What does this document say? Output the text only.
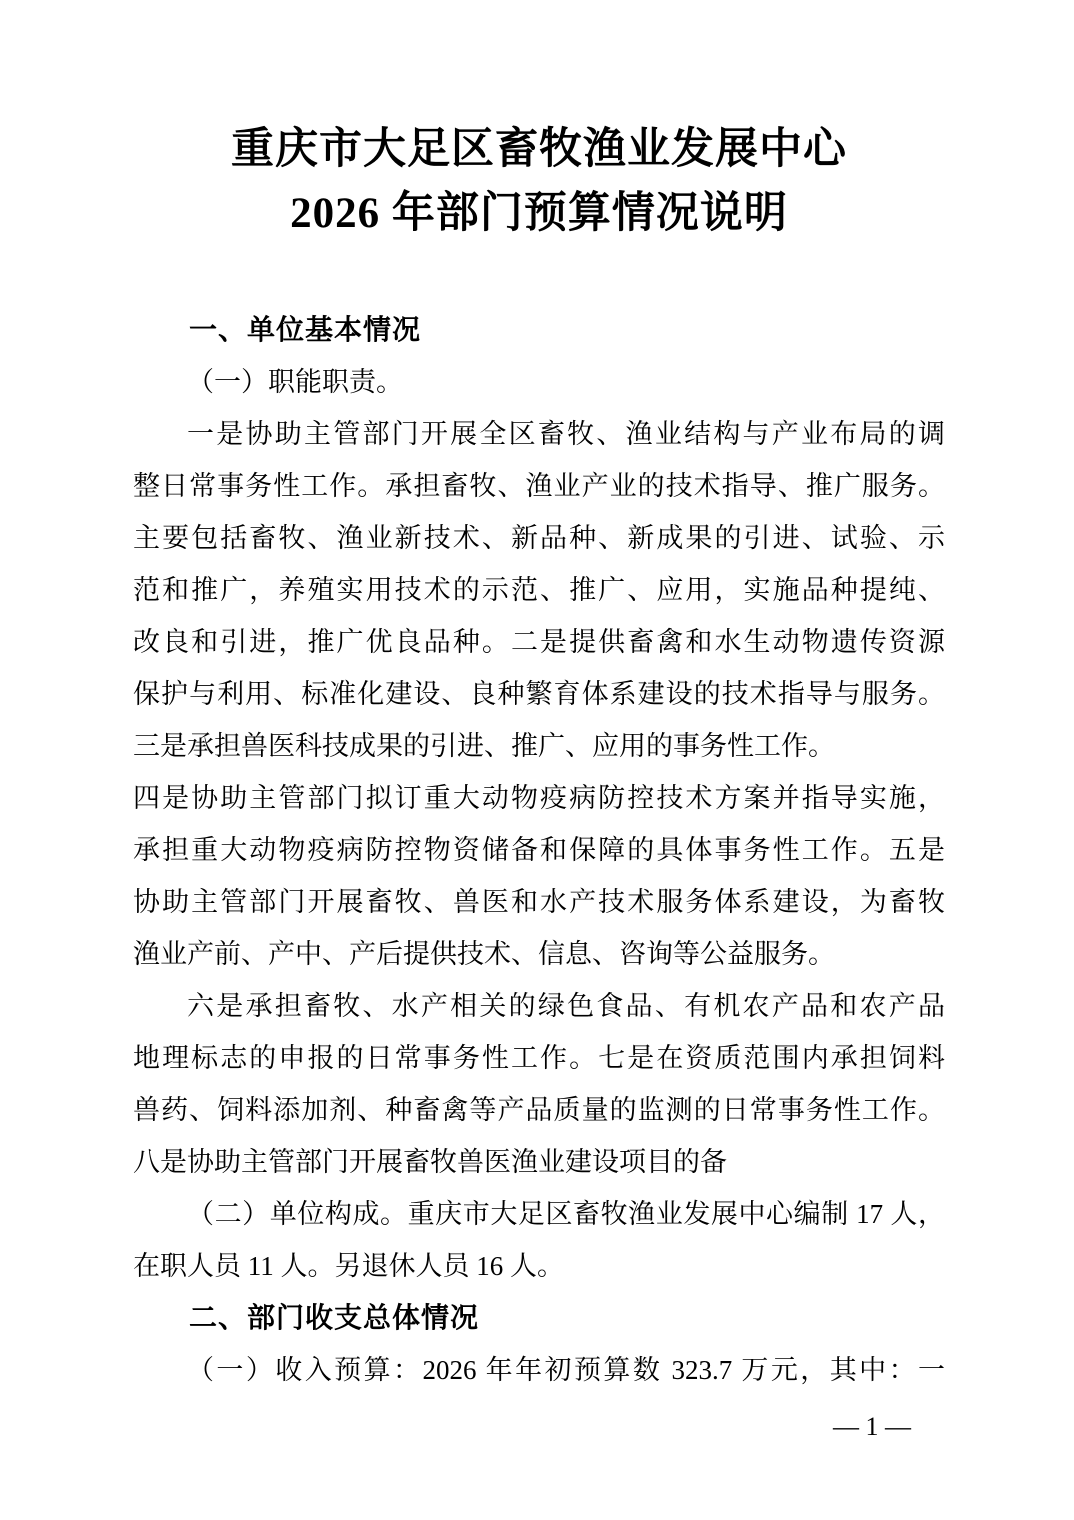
重庆市大足区畜牧渔业发展中心
2026 年部门预算情况说明
一、单位基本情况
（一）职能职责。
一是协助主管部门开展全区畜牧、渔业结构与产业布局的调
整日常事务性工作。承担畜牧、渔业产业的技术指导、推广服务。
主要包括畜牧、渔业新技术、新品种、新成果的引进、试验、示
范和推广，养殖实用技术的示范、推广、应用，实施品种提纯、
改良和引进，推广优良品种。二是提供畜禽和水生动物遗传资源
保护与利用、标准化建设、良种繁育体系建设的技术指导与服务。
三是承担兽医科技成果的引进、推广、应用的事务性工作。
四是协助主管部门拟订重大动物疫病防控技术方案并指导实施，
承担重大动物疫病防控物资储备和保障的具体事务性工作。五是
协助主管部门开展畜牧、兽医和水产技术服务体系建设，为畜牧
渔业产前、产中、产后提供技术、信息、咨询等公益服务。
六是承担畜牧、水产相关的绿色食品、有机农产品和农产品
地理标志的申报的日常事务性工作。七是在资质范围内承担饲料
兽药、饲料添加剂、种畜禽等产品质量的监测的日常事务性工作。
八是协助主管部门开展畜牧兽医渔业建设项目的备
（二）单位构成。重庆市大足区畜牧渔业发展中心编制 17 人，
在职人员 11 人。另退休人员 16 人。
二、部门收支总体情况
（一）收入预算：2026 年年初预算数 323.7 万元，其中：一
— 1 —
